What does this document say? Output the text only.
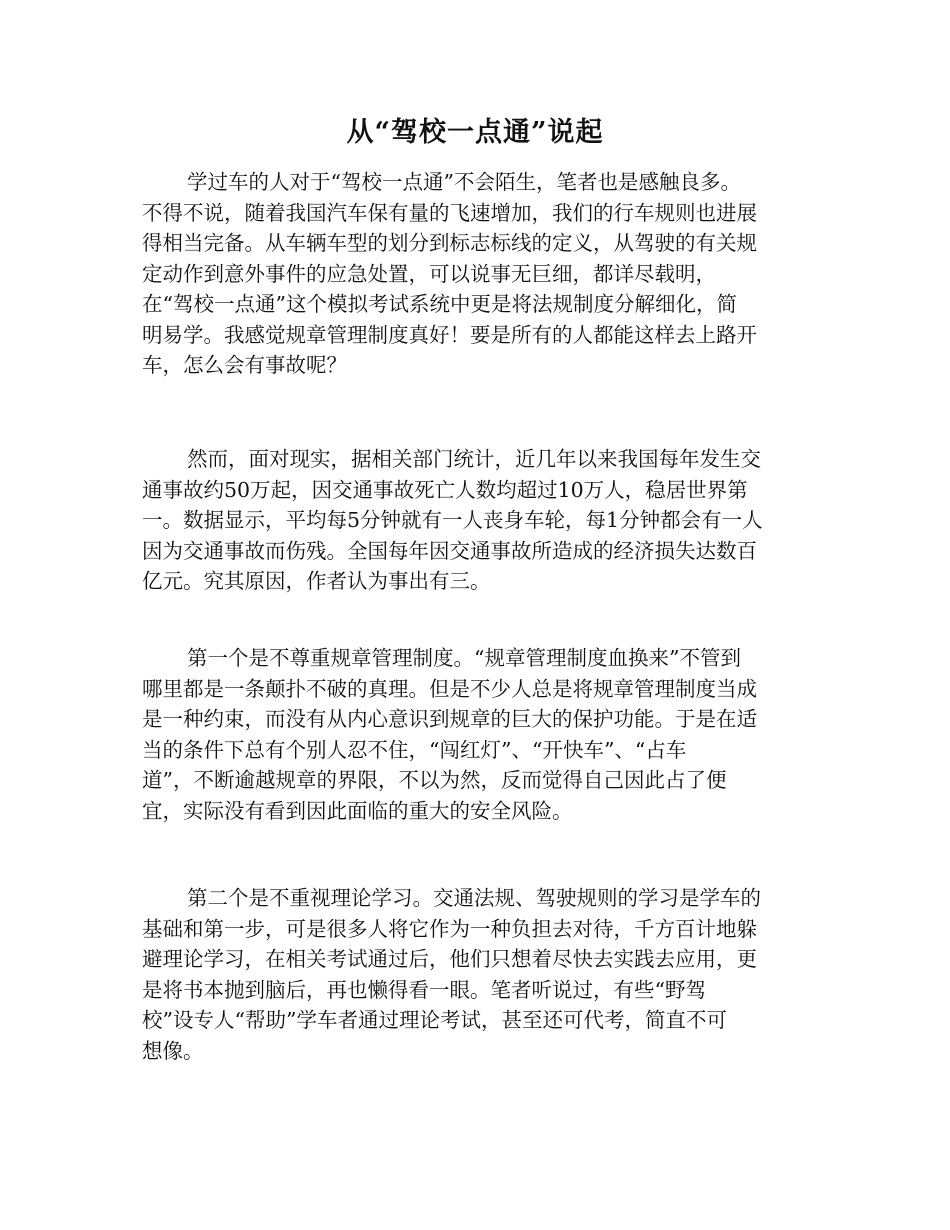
从“驾校一点通”说起
学过车的人对于“驾校一点通”不会陌生，笔者也是感触良多。
不得不说，随着我国汽车保有量的飞速增加，我们的行车规则也进展
得相当完备。从车辆车型的划分到标志标线的定义，从驾驶的有关规
定动作到意外事件的应急处置，可以说事无巨细，都详尽载明，
在“驾校一点通”这个模拟考试系统中更是将法规制度分解细化，简
明易学。我感觉规章管理制度真好！要是所有的人都能这样去上路开
车，怎么会有事故呢？
然而，面对现实，据相关部门统计，近几年以来我国每年发生交
通事故约50万起，因交通事故死亡人数均超过10万人，稳居世界第
一。数据显示，平均每5分钟就有一人丧身车轮，每1分钟都会有一人
因为交通事故而伤残。全国每年因交通事故所造成的经济损失达数百
亿元。究其原因，作者认为事出有三。
第一个是不尊重规章管理制度。“规章管理制度血换来”不管到
哪里都是一条颠扑不破的真理。但是不少人总是将规章管理制度当成
是一种约束，而没有从内心意识到规章的巨大的保护功能。于是在适
当的条件下总有个别人忍不住，“闯红灯”、“开快车”、“占车
道”，不断逾越规章的界限，不以为然，反而觉得自己因此占了便
宜，实际没有看到因此面临的重大的安全风险。
第二个是不重视理论学习。交通法规、驾驶规则的学习是学车的
基础和第一步，可是很多人将它作为一种负担去对待，千方百计地躲
避理论学习，在相关考试通过后，他们只想着尽快去实践去应用，更
是将书本抛到脑后，再也懒得看一眼。笔者听说过，有些“野驾
校”设专人“帮助”学车者通过理论考试，甚至还可代考，简直不可
想像。
